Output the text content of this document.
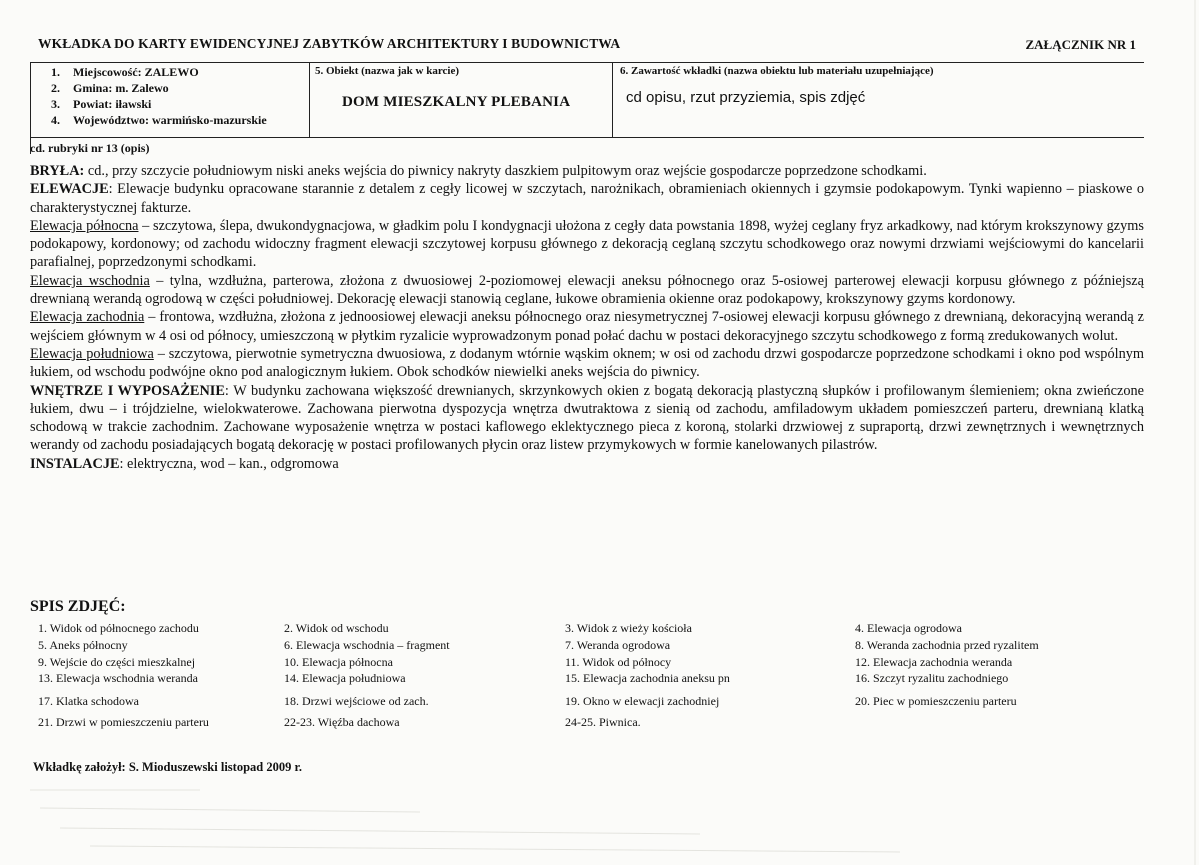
WKŁADKA DO KARTY EWIDENCYJNEJ ZABYTKÓW ARCHITEKTURY I BUDOWNICTWA	ZAŁĄCZNIK NR 1
1. Miejscowość: ZALEWO
2. Gmina: m. Zalewo
3. Powiat: iławski
4. Województwo: warmińsko-mazurskie
5. Obiekt (nazwa jak w karcie)
DOM MIESZKALNY PLEBANIA
6. Zawartość wkładki (nazwa obiektu lub materiału uzupełniające)
cd opisu, rzut przyziemia, spis zdjęć
cd. rubryki nr 13 (opis)

BRYŁA: cd., przy szczycie południowym niski aneks wejścia do piwnicy nakryty daszkiem pulpitowym oraz wejście gospodarcze poprzedzone schodkami.

ELEWACJE: Elewacje budynku opracowane starannie z detalem z cegły licowej w szczytach, narożnikach, obramieniach okiennych i gzymsie podokapowym. Tynki wapienno – piaskowe o charakterystycznej fakturze.

Elewacja północna – szczytowa, ślepa, dwukondygnacjowa, w gładkim polu I kondygnacji ułożona z cegły data powstania 1898, wyżej ceglany fryz arkadkowy, nad którym krokszynowy gzyms podokapowy, kordonowy; od zachodu widoczny fragment elewacji szczytowej korpusu głównego z dekoracją ceglaną szczytu schodkowego oraz nowymi drzwiami wejściowymi do kancelarii parafialnej, poprzedzonymi schodkami.

Elewacja wschodnia – tylna, wzdłużna, parterowa, złożona z dwuosiowej 2-poziomowej elewacji aneksu północnego oraz 5-osiowej parterowej elewacji korpusu głównego z późniejszą drewnianą werandą ogrodową w części południowej. Dekorację elewacji stanowią ceglane, łukowe obramienia okienne oraz podokapowy, krokszynowy gzyms kordonowy.

Elewacja zachodnia – frontowa, wzdłużna, złożona z jednoosiowej elewacji aneksu północnego oraz niesymetrycznej 7-osiowej elewacji korpusu głównego z drewnianą, dekoracyjną werandą z wejściem głównym w 4 osi od północy, umieszczoną w płytkim ryzalicie wyprowadzonym ponad połać dachu w postaci dekoracyjnego szczytu schodkowego z formą zredukowanych wolut.

Elewacja południowa – szczytowa, pierwotnie symetryczna dwuosiowa, z dodanym wtórnie wąskim oknem; w osi od zachodu drzwi gospodarcze poprzedzone schodkami i okno pod wspólnym łukiem, od wschodu podwójne okno pod analogicznym łukiem. Obok schodków niewielki aneks wejścia do piwnicy.

WNĘTRZE I WYPOSAŻENIE: W budynku zachowana większość drewnianych, skrzynkowych okien z bogatą dekoracją plastyczną słupków i profilowanym ślemieniem; okna zwieńczone łukiem, dwu – i trójdzielne, wielokwaterowe. Zachowana pierwotna dyspozycja wnętrza dwutraktowa z sienią od zachodu, amfiladowym układem pomieszczeń parteru, drewnianą klatką schodową w trakcie zachodnim. Zachowane wyposażenie wnętrza w postaci kaflowego eklektycznego pieca z koroną, stolarki drzwiowej z supraportą, drzwi zewnętrznych i wewnętrznych werandy od zachodu posiadających bogatą dekorację w postaci profilowanych płycin oraz listew przymykowych w formie kanelowanych pilastrów.

INSTALACJE: elektryczna, wod – kan., odgromowa

SPIS ZDJĘĆ:
1. Widok od północnego zachodu	2. Widok od wschodu	3. Widok z wieży kościoła	4. Elewacja ogrodowa
5. Aneks północny	6. Elewacja wschodnia – fragment	7. Weranda ogrodowa	8. Weranda zachodnia przed ryzalitem
9. Wejście do części mieszkalnej	10. Elewacja północna	11. Widok od północy	12. Elewacja zachodnia weranda
13. Elewacja wschodnia weranda	14. Elewacja południowa	15. Elewacja zachodnia aneksu pn	16. Szczyt ryzalitu zachodniego
17. Klatka schodowa	18. Drzwi wejściowe od zach.	19. Okno w elewacji zachodniej	20. Piec w pomieszczeniu parteru
21. Drzwi w pomieszczeniu parteru	22-23. Więźba dachowa	24-25. Piwnica.
Wkładkę założył: S. Mioduszewski listopad 2009 r.
